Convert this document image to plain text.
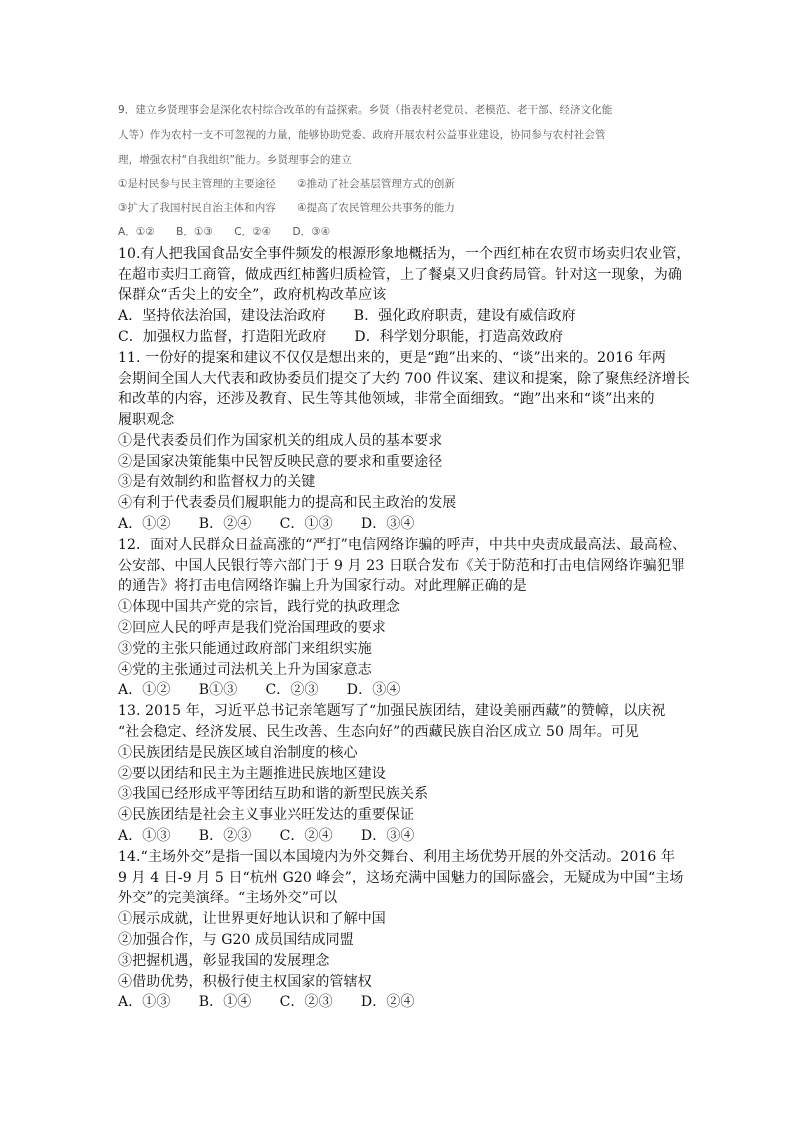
9．建立乡贤理事会是深化农村综合改革的有益探索。乡贤（指表村老党员、老模范、老干部、经济文化能
人等）作为农村一支不可忽视的力量，能够协助党委、政府开展农村公益事业建设，协同参与农村社会管
理，增强农村“自我组织”能力。乡贤理事会的建立
①是村民参与民主管理的主要途径　　②推动了社会基层管理方式的创新
③扩大了我国村民自治主体和内容　　④提高了农民管理公共事务的能力
A．①②　　B．①③　　C．②④　　D．③④
10.有人把我国食品安全事件频发的根源形象地概括为，一个西红柿在农贸市场卖归农业管，
在超市卖归工商管，做成西红柿酱归质检管，上了餐桌又归食药局管。针对这一现象，为确
保群众“舌尖上的安全”，政府机构改革应该
A．坚持依法治国，建设法治政府　　B．强化政府职责，建设有威信政府
C．加强权力监督，打造阳光政府　　D．科学划分职能，打造高效政府
11. 一份好的提案和建议不仅仅是想出来的，更是“跑”出来的、“谈”出来的。2016 年两
会期间全国人大代表和政协委员们提交了大约 700 件议案、建议和提案，除了聚焦经济增长
和改革的内容，还涉及教育、民生等其他领域，非常全面细致。“跑”出来和“谈”出来的
履职观念
①是代表委员们作为国家机关的组成人员的基本要求
②是国家决策能集中民智反映民意的要求和重要途径
③是有效制约和监督权力的关键
④有利于代表委员们履职能力的提高和民主政治的发展
A．①②　　B．②④　　C．①③　　D．③④
12．面对人民群众日益高涨的“严打”电信网络诈骗的呼声，中共中央责成最高法、最高检、
公安部、中国人民银行等六部门于 9 月 23 日联合发布《关于防范和打击电信网络诈骗犯罪
的通告》将打击电信网络诈骗上升为国家行动。对此理解正确的是
①体现中国共产党的宗旨，践行党的执政理念
②回应人民的呼声是我们党治国理政的要求
③党的主张只能通过政府部门来组织实施
④党的主张通过司法机关上升为国家意志
A．①②　　B①③　　C．②③　　D．③④
13. 2015 年，习近平总书记亲笔题写了“加强民族团结，建设美丽西藏”的赞幛，以庆祝
“社会稳定、经济发展、民生改善、生态向好”的西藏民族自治区成立 50 周年。可见
①民族团结是民族区域自治制度的核心
②要以团结和民主为主题推进民族地区建设
③我国已经形成平等团结互助和谐的新型民族关系
④民族团结是社会主义事业兴旺发达的重要保证
A．①③　　B．②③　　C．②④　　D．③④
14.“主场外交”是指一国以本国境内为外交舞台、利用主场优势开展的外交活动。2016 年
9 月 4 日-9 月 5 日“杭州 G20 峰会”，这场充满中国魅力的国际盛会，无疑成为中国“主场
外交”的完美演绎。“主场外交”可以
①展示成就，让世界更好地认识和了解中国
②加强合作，与 G20 成员国结成同盟
③把握机遇，彰显我国的发展理念
④借助优势，积极行使主权国家的管辖权
A．①③　　B．①④　　C．②③　　D．②④
